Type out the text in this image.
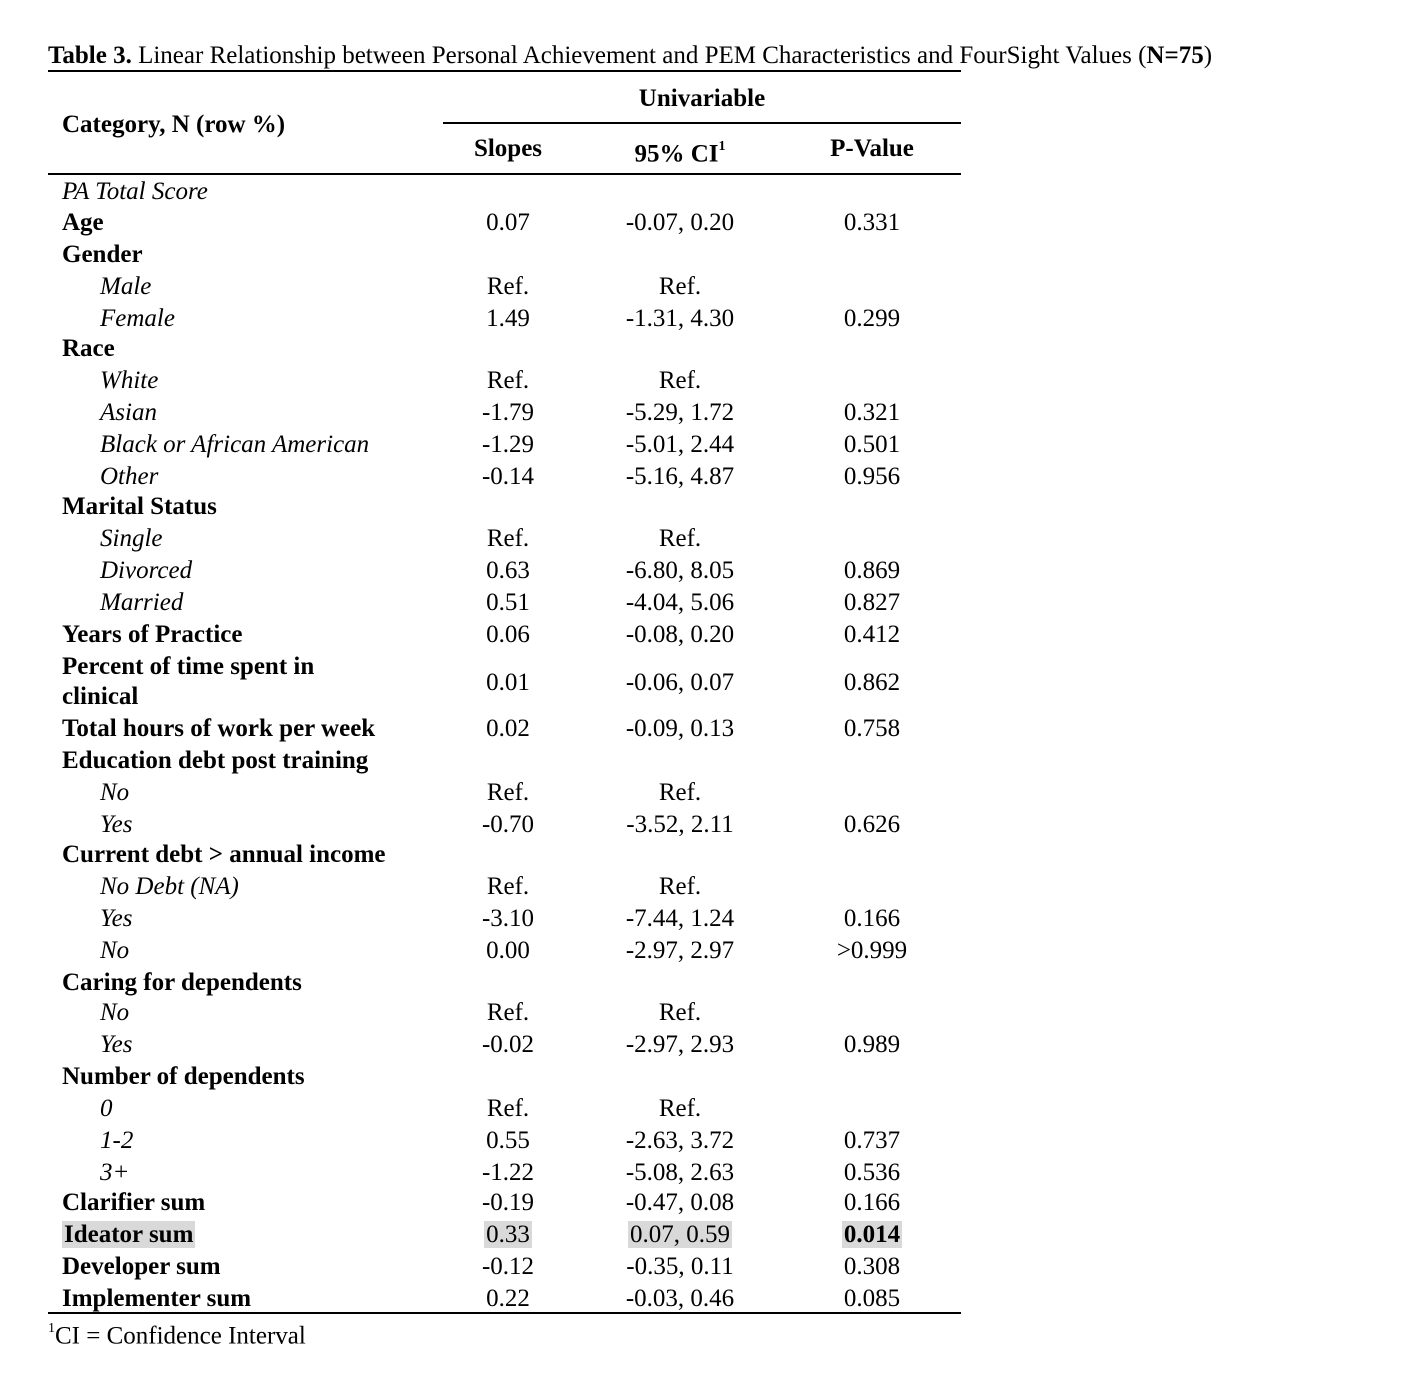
Table 3. Linear Relationship between Personal Achievement and PEM Characteristics and FourSight Values (N=75)
Category, N (row %)
Univariable
Slopes	95% $CI^1$	P-Value
PA Total Score
Age	0.07	-0.07, 0.20	0.331
Gender
Male	Ref.	Ref.
Female	1.49	-1.31, 4.30	0.299
Race
White	Ref.	Ref.
Asian	-1.79	-5.29, 1.72	0.321
Black or African American	-1.29	-5.01, 2.44	0.501
Other	-0.14	-5.16, 4.87	0.956
Marital Status
Single	Ref.	Ref.
Divorced	0.63	-6.80, 8.05	0.869
Married	0.51	-4.04, 5.06	0.827
Years of Practice	0.06	-0.08, 0.20	0.412
Percent of time spent in
clinical
0.01	-0.06, 0.07	0.862
Total hours of work per week	0.02	-0.09, 0.13	0.758
Education debt post training
No	Ref.	Ref.
Yes	-0.70	-3.52, 2.11	0.626
Current debt > annual income
No Debt (NA)	Ref.	Ref.
Yes	-3.10	-7.44, 1.24	0.166
No	0.00	-2.97, 2.97	>0.999
Caring for dependents
No	Ref.	Ref.
Yes	-0.02	-2.97, 2.93	0.989
Number of dependents
0	Ref.	Ref.
1-2	0.55	-2.63, 3.72	0.737
3+	-1.22	-5.08, 2.63	0.536
Clarifier sum	-0.19	-0.47, 0.08	0.166
Ideator sum	0.33	0.07, 0.59	0.014
Developer sum	-0.12	-0.35, 0.11	0.308
Implementer sum	0.22	-0.03, 0.46	0.085
$^1$CI = Confidence Interval
